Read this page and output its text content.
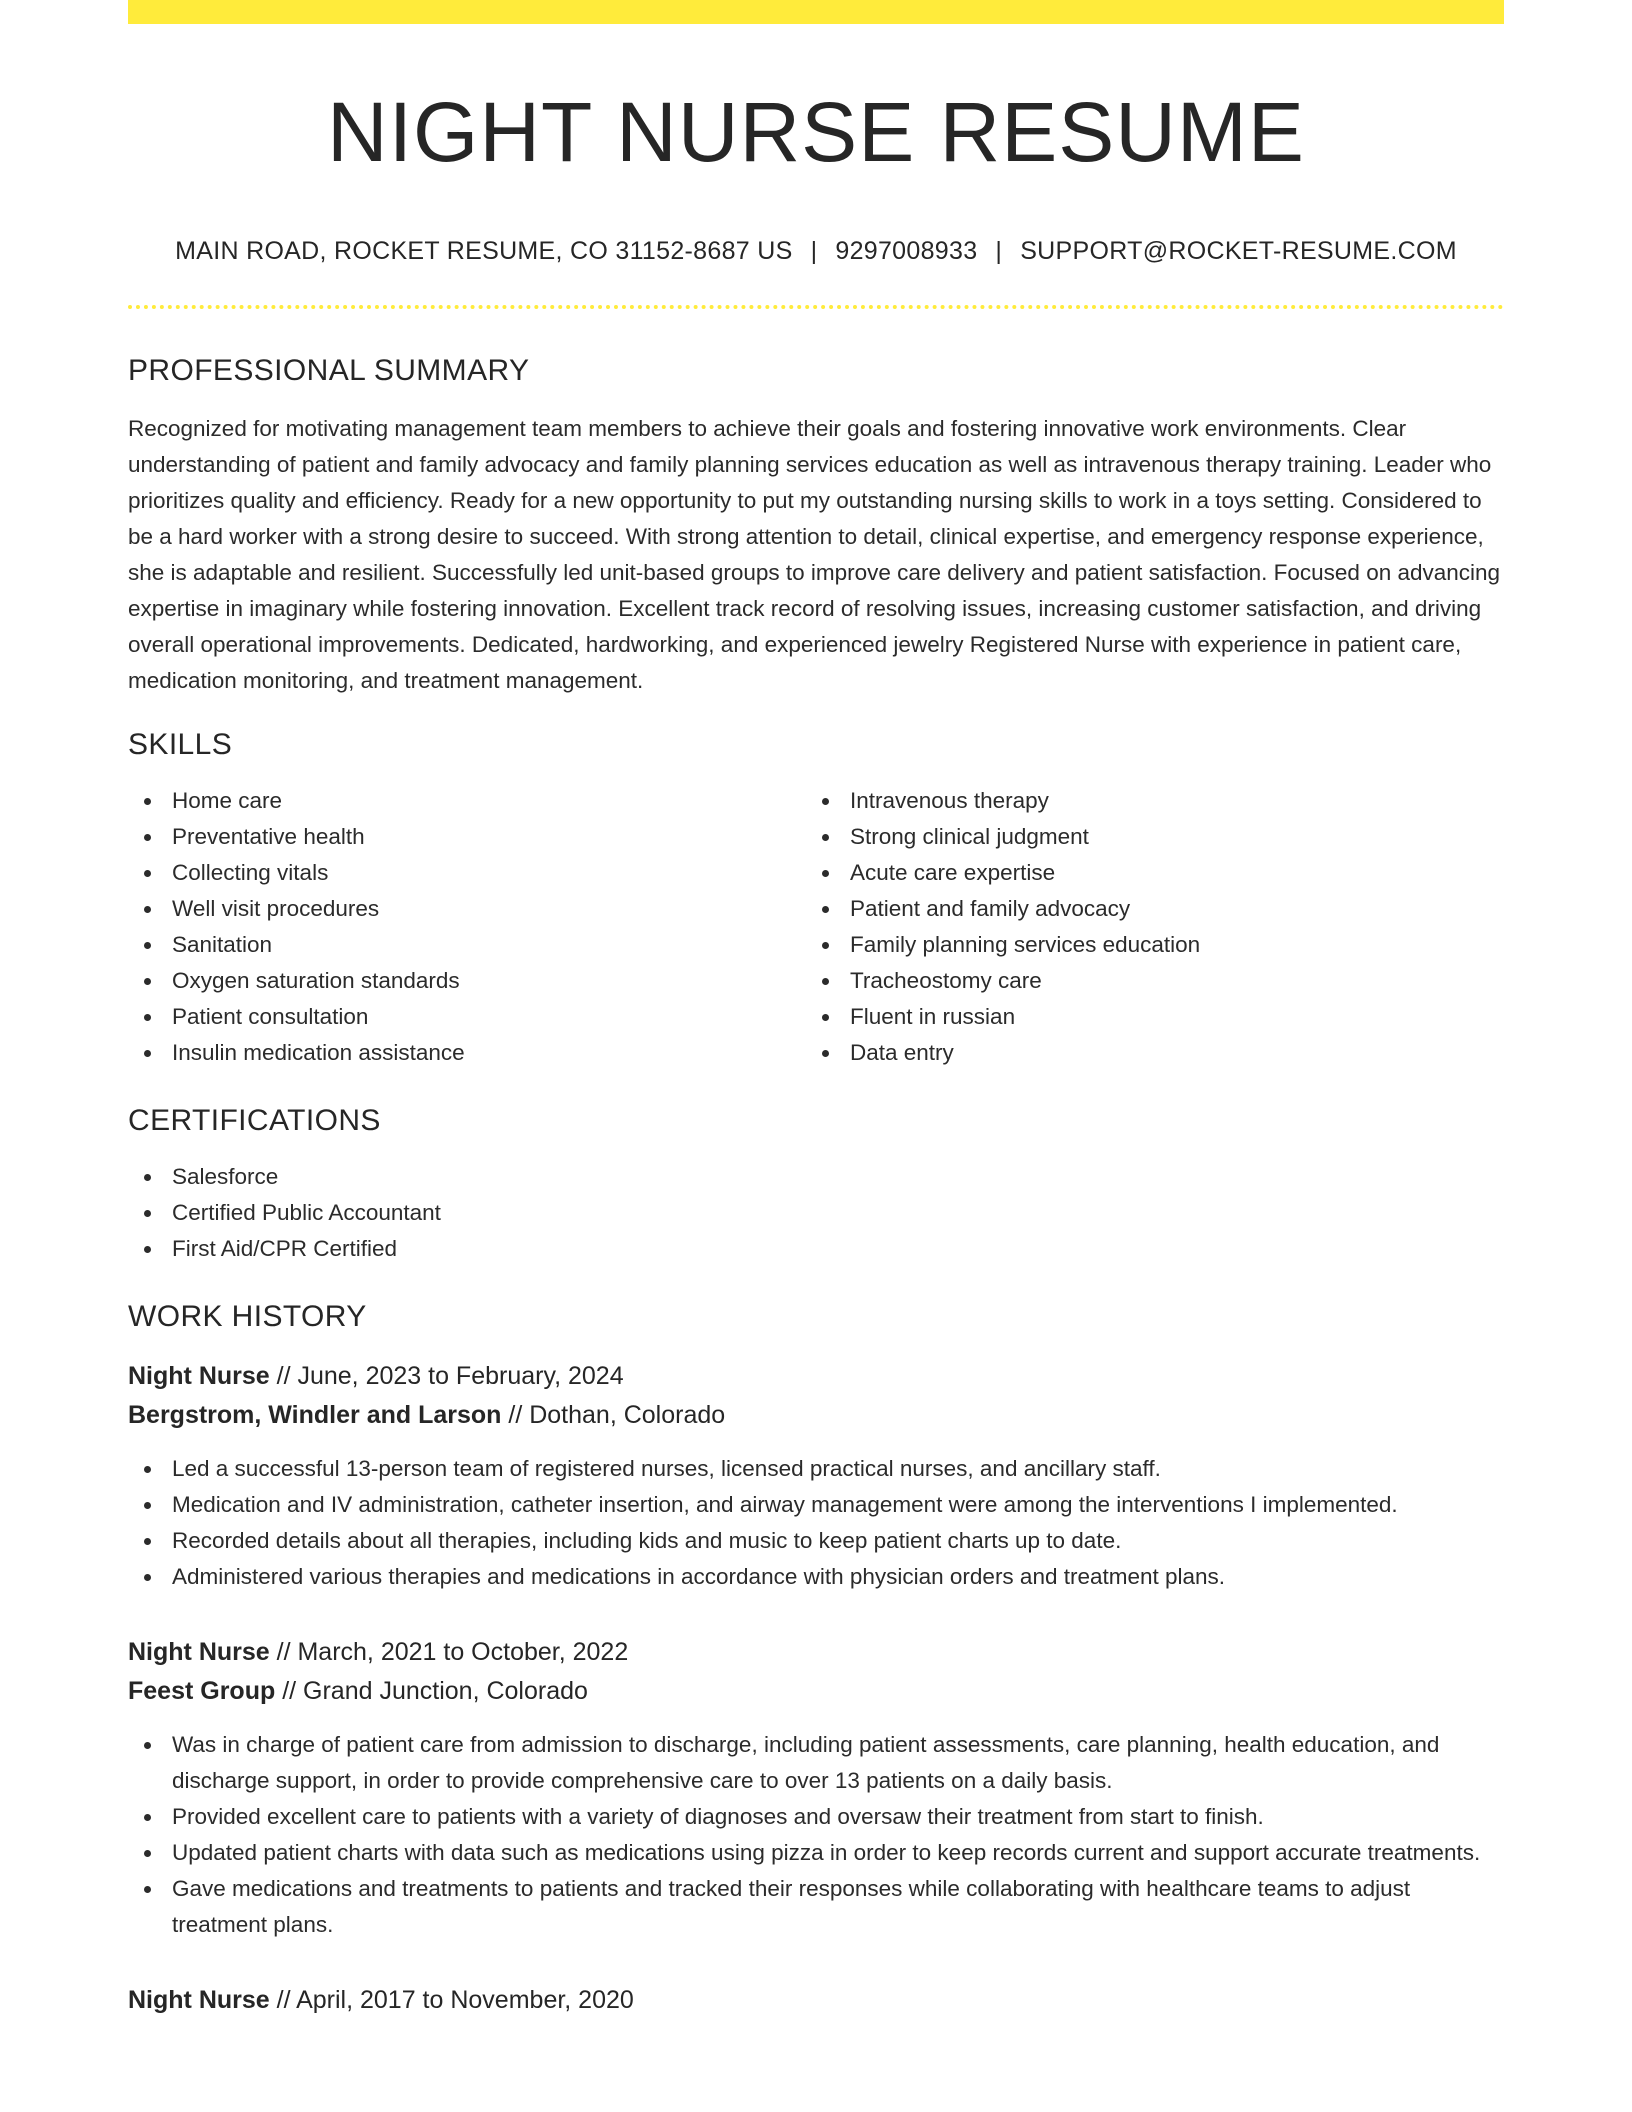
NIGHT NURSE RESUME
MAIN ROAD, ROCKET RESUME, CO 31152-8687 US | 9297008933 | SUPPORT@ROCKET-RESUME.COM
PROFESSIONAL SUMMARY

Recognized for motivating management team members to achieve their goals and fostering innovative work environments. Clear understanding of patient and family advocacy and family planning services education as well as intravenous therapy training. Leader who prioritizes quality and efficiency. Ready for a new opportunity to put my outstanding nursing skills to work in a toys setting. Considered to be a hard worker with a strong desire to succeed. With strong attention to detail, clinical expertise, and emergency response experience, she is adaptable and resilient. Successfully led unit-based groups to improve care delivery and patient satisfaction. Focused on advancing expertise in imaginary while fostering innovation. Excellent track record of resolving issues, increasing customer satisfaction, and driving overall operational improvements. Dedicated, hardworking, and experienced jewelry Registered Nurse with experience in patient care, medication monitoring, and treatment management.

SKILLS
Home care
Preventative health
Collecting vitals
Well visit procedures
Sanitation
Oxygen saturation standards
Patient consultation
Insulin medication assistance
Intravenous therapy
Strong clinical judgment
Acute care expertise
Patient and family advocacy
Family planning services education
Tracheostomy care
Fluent in russian
Data entry
CERTIFICATIONS
Salesforce
Certified Public Accountant
First Aid/CPR Certified
WORK HISTORY
Night Nurse // June, 2023 to February, 2024
Bergstrom, Windler and Larson // Dothan, Colorado
Led a successful 13-person team of registered nurses, licensed practical nurses, and ancillary staff.
Medication and IV administration, catheter insertion, and airway management were among the interventions I implemented.
Recorded details about all therapies, including kids and music to keep patient charts up to date.
Administered various therapies and medications in accordance with physician orders and treatment plans.
Night Nurse // March, 2021 to October, 2022
Feest Group // Grand Junction, Colorado
Was in charge of patient care from admission to discharge, including patient assessments, care planning, health education, and discharge support, in order to provide comprehensive care to over 13 patients on a daily basis.
Provided excellent care to patients with a variety of diagnoses and oversaw their treatment from start to finish.
Updated patient charts with data such as medications using pizza in order to keep records current and support accurate treatments.
Gave medications and treatments to patients and tracked their responses while collaborating with healthcare teams to adjust treatment plans.
Night Nurse // April, 2017 to November, 2020
